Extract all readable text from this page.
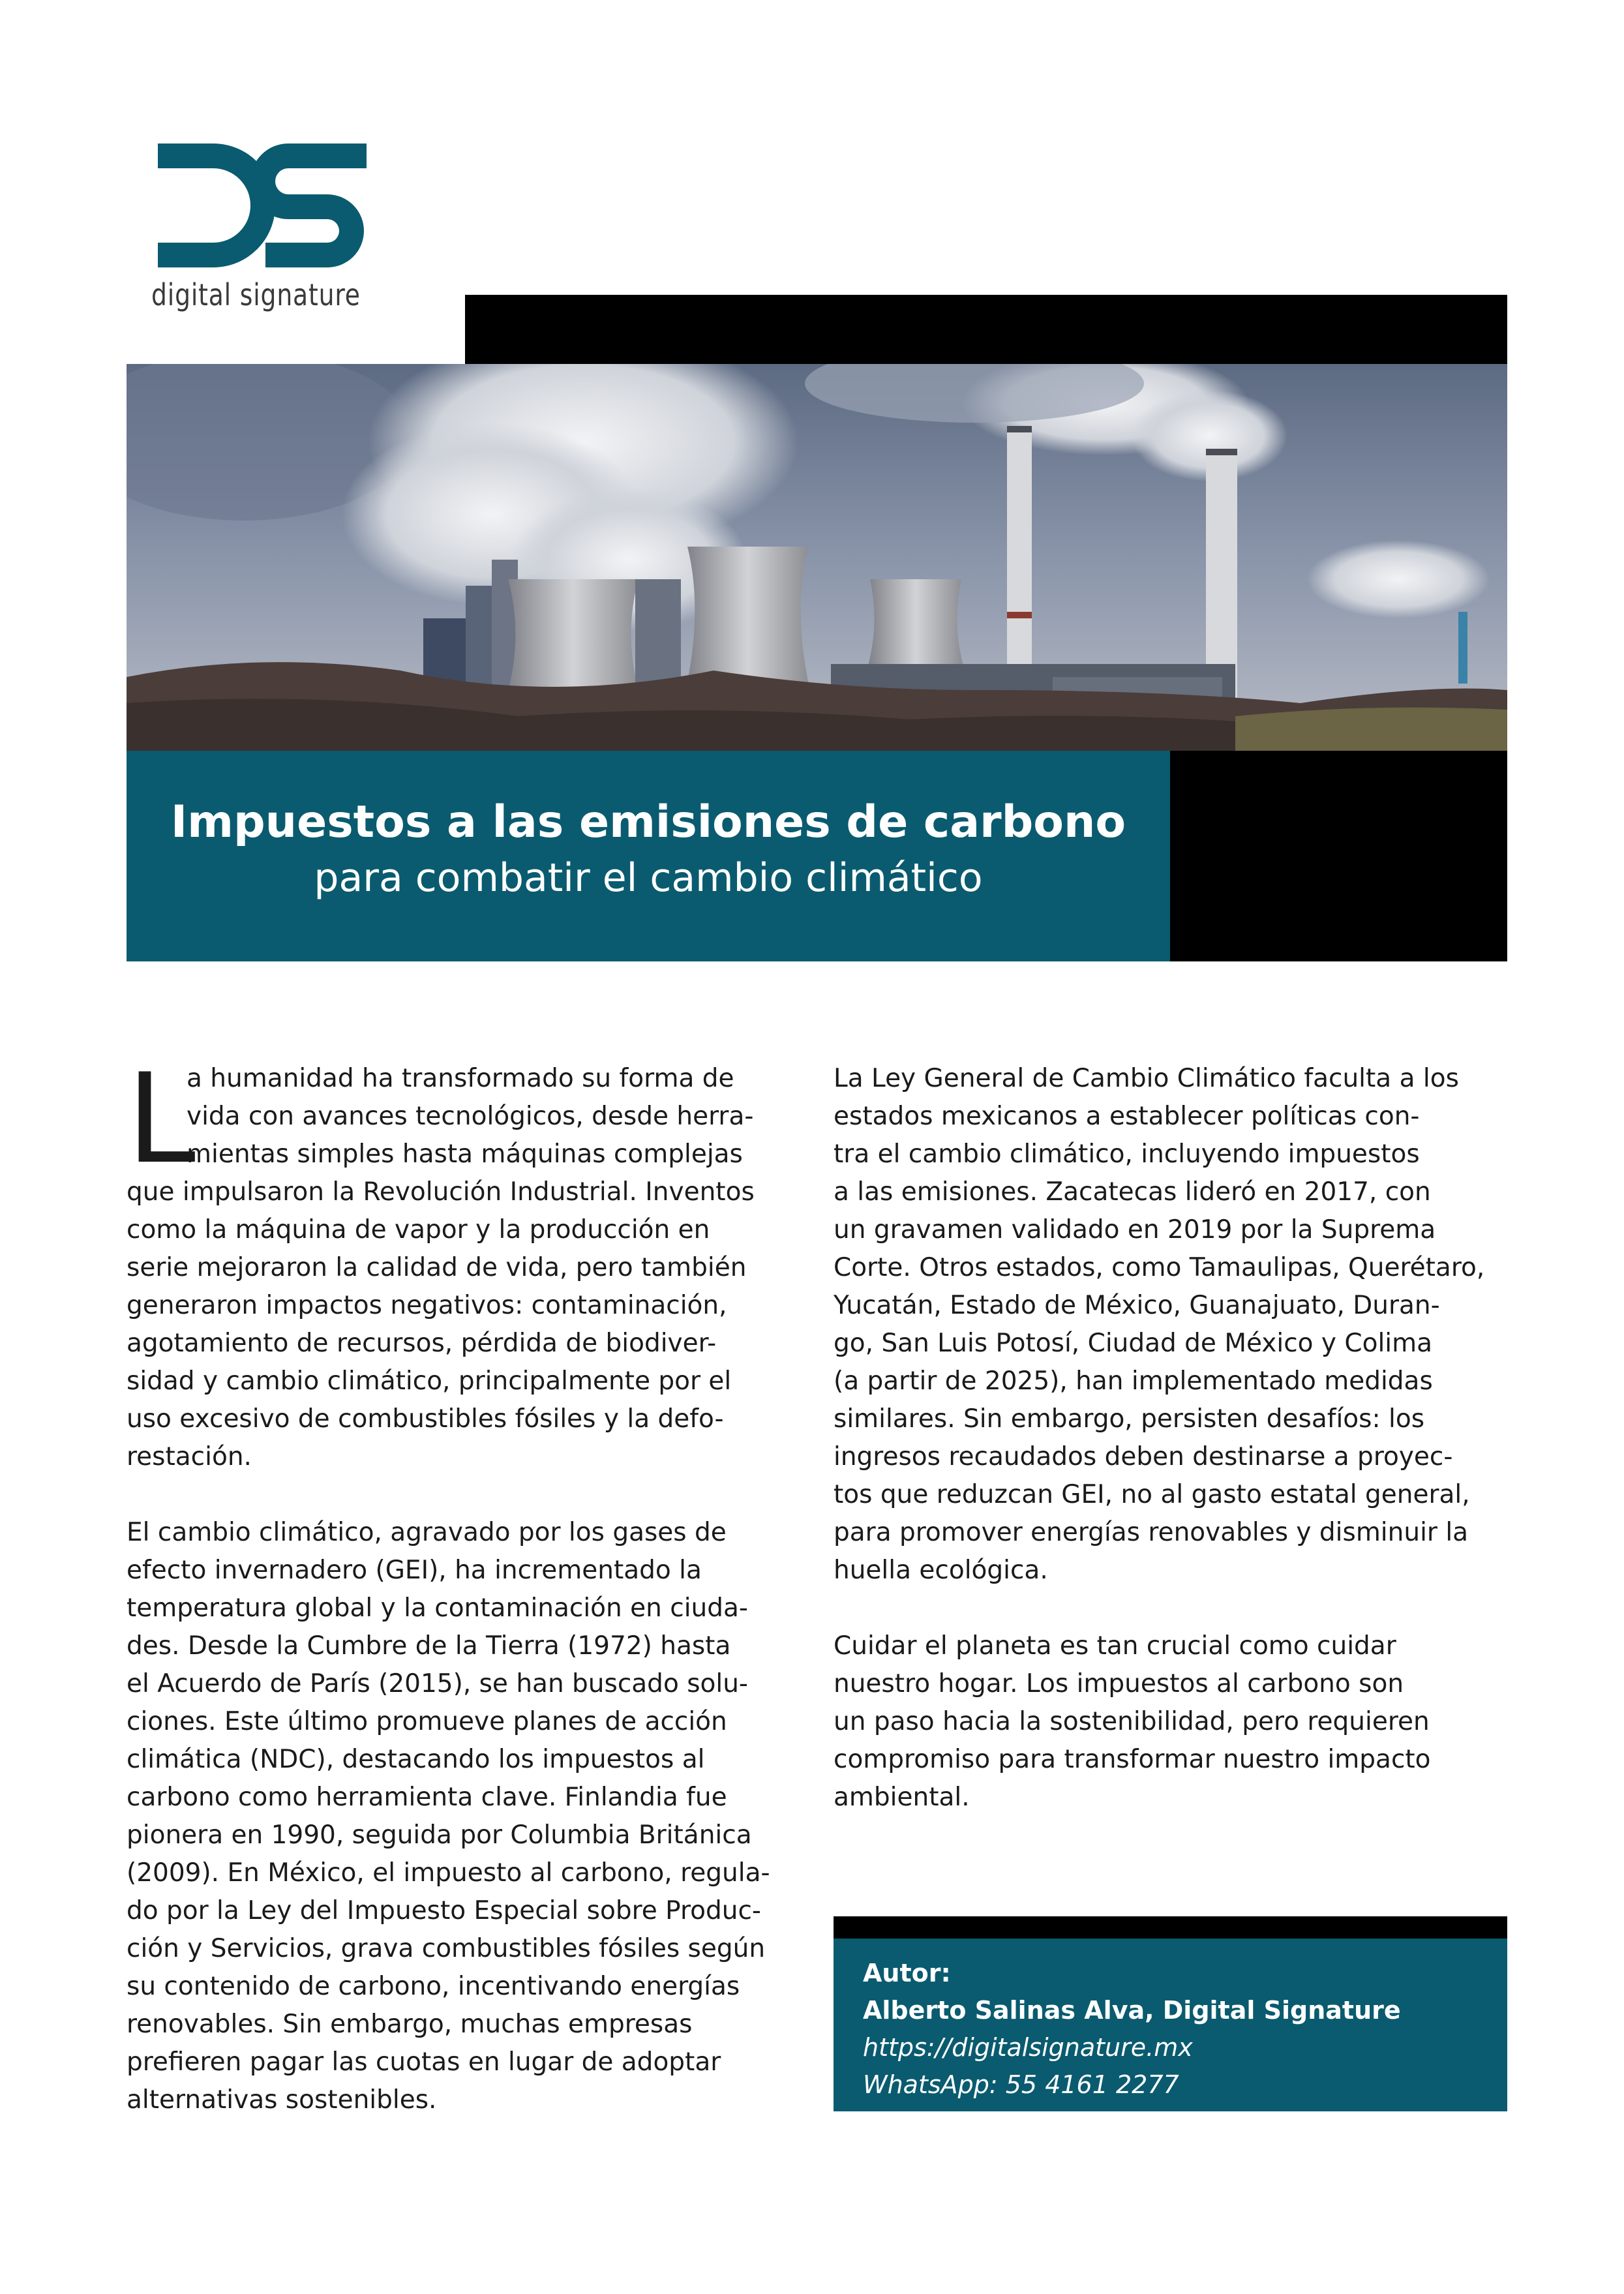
digital signature
Impuestos a las emisiones de carbono
para combatir el cambio climático
L
a humanidad ha transformado su forma de
vida con avances tecnológicos, desde herra-
mientas simples hasta máquinas complejas
que impulsaron la Revolución Industrial. Inventos
como la máquina de vapor y la producción en
serie mejoraron la calidad de vida, pero también
generaron impactos negativos: contaminación,
agotamiento de recursos, pérdida de biodiver-
sidad y cambio climático, principalmente por el
uso excesivo de combustibles fósiles y la defo-
restación.
El cambio climático, agravado por los gases de
efecto invernadero (GEI), ha incrementado la
temperatura global y la contaminación en ciuda-
des. Desde la Cumbre de la Tierra (1972) hasta
el Acuerdo de París (2015), se han buscado solu-
ciones. Este último promueve planes de acción
climática (NDC), destacando los impuestos al
carbono como herramienta clave. Finlandia fue
pionera en 1990, seguida por Columbia Británica
(2009). En México, el impuesto al carbono, regula-
do por la Ley del Impuesto Especial sobre Produc-
ción y Servicios, grava combustibles fósiles según
su contenido de carbono, incentivando energías
renovables. Sin embargo, muchas empresas
prefieren pagar las cuotas en lugar de adoptar
alternativas sostenibles.
La Ley General de Cambio Climático faculta a los
estados mexicanos a establecer políticas con-
tra el cambio climático, incluyendo impuestos
a las emisiones. Zacatecas lideró en 2017, con
un gravamen validado en 2019 por la Suprema
Corte. Otros estados, como Tamaulipas, Querétaro,
Yucatán, Estado de México, Guanajuato, Duran-
go, San Luis Potosí, Ciudad de México y Colima
(a partir de 2025), han implementado medidas
similares. Sin embargo, persisten desafíos: los
ingresos recaudados deben destinarse a proyec-
tos que reduzcan GEI, no al gasto estatal general,
para promover energías renovables y disminuir la
huella ecológica.
Cuidar el planeta es tan crucial como cuidar
nuestro hogar. Los impuestos al carbono son
un paso hacia la sostenibilidad, pero requieren
compromiso para transformar nuestro impacto
ambiental.
Autor:
Alberto Salinas Alva, Digital Signature
https://digitalsignature.mx
WhatsApp: 55 4161 2277
